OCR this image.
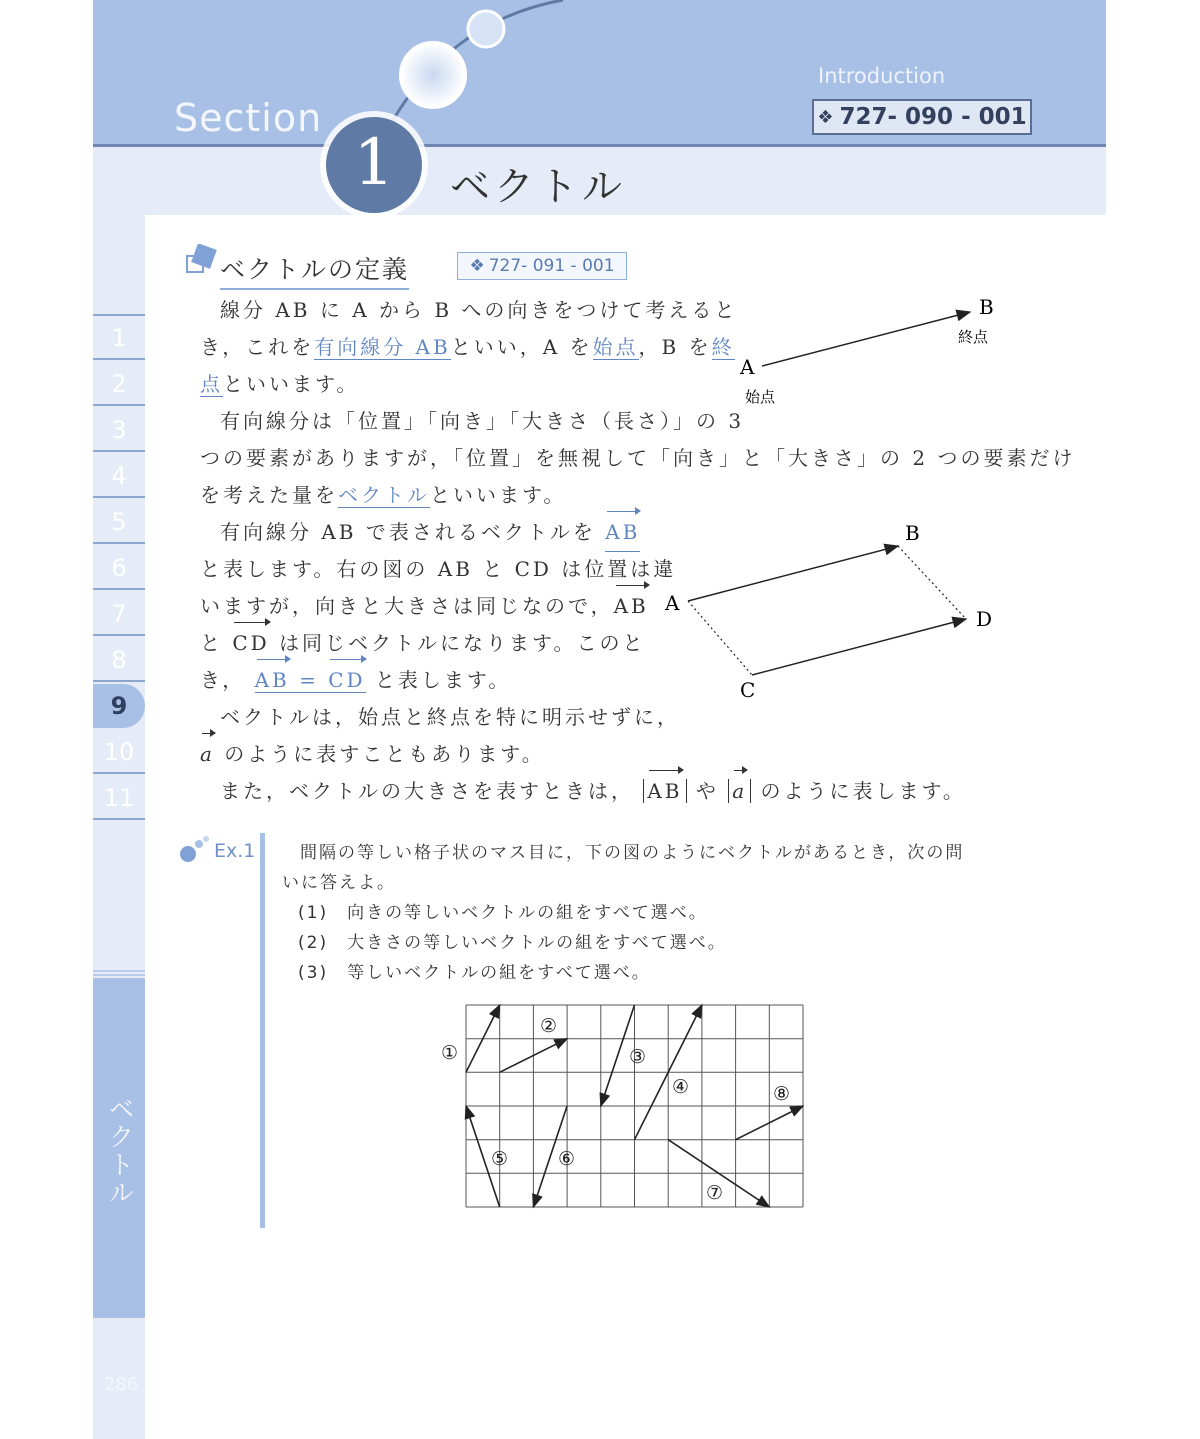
Section
Introduction
❖ 727- 090 - 001
1	ベクトル
1
2
3
4
5
6
7
8
9
10
11
ベクトル
286
ベクトルの定義	❖ 727- 091 - 001
線分 AB に A から B への向きをつけて考えると
き，これを有向線分 ABといい，A を始点，B を終
点といいます。
A
B
始点
終点
有向線分は「位置」「向き」「大きさ（長さ）」の 3
つの要素がありますが，「位置」を無視して「向き」と「大きさ」の 2 つの要素だけ
を考えた量をベクトルといいます。
有向線分 AB で表されるベクトルを AB
と表します。右の図の AB と CD は位置は違
いますが，向きと大きさは同じなので，AB
と CD は同じベクトルになります。このと
き， AB = CD と表します。
A
B
C
D
ベクトルは，始点と終点を特に明示せずに，
a のように表すこともあります。
また，ベクトルの大きさを表すときは， AB や a のように表します。
Ex.1	間隔の等しい格子状のマス目に，下の図のようにベクトルがあるとき，次の問
いに答えよ。
(1)　向きの等しいベクトルの組をすべて選べ。
(2)　大きさの等しいベクトルの組をすべて選べ。
(3)　等しいベクトルの組をすべて選べ。
①
②
③
④
⑤	⑥
⑦
⑧
